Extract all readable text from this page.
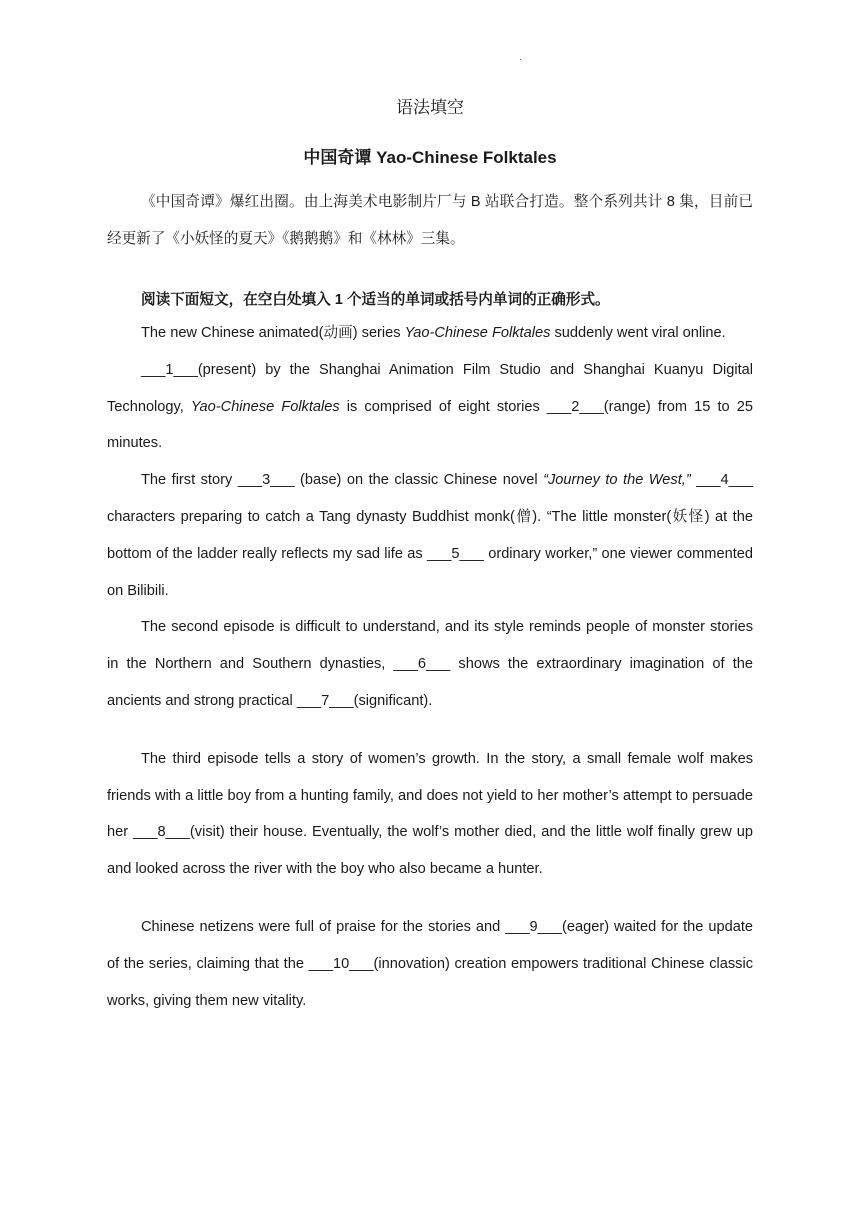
.
语法填空
中国奇谭 Yao-Chinese Folktales

《中国奇谭》爆红出圈。由上海美术电影制片厂与 B 站联合打造。整个系列共计 8 集，目前已经更新了《小妖怪的夏天》《鹅鹅鹅》和《林林》三集。

阅读下面短文，在空白处填入 1 个适当的单词或括号内单词的正确形式。

The new Chinese animated(动画) series Yao-Chinese Folktales suddenly went viral online.

___1___(present) by the Shanghai Animation Film Studio and Shanghai Kuanyu Digital Technology, Yao-Chinese Folktales is comprised of eight stories ___2___(range) from 15 to 25 minutes.

The first story ___3___ (base) on the classic Chinese novel “Journey to the West,” ___4___ characters preparing to catch a Tang dynasty Buddhist monk(僧). “The little monster(妖怪) at the bottom of the ladder really reflects my sad life as ___5___ ordinary worker,” one viewer commented on Bilibili.

The second episode is difficult to understand, and its style reminds people of monster stories in the Northern and Southern dynasties, ___6___ shows the extraordinary imagination of the ancients and strong practical ___7___(significant).

The third episode tells a story of women’s growth. In the story, a small female wolf makes friends with a little boy from a hunting family, and does not yield to her mother’s attempt to persuade her ___8___(visit) their house. Eventually, the wolf’s mother died, and the little wolf finally grew up and looked across the river with the boy who also became a hunter.

Chinese netizens were full of praise for the stories and ___9___(eager) waited for the update of the series, claiming that the ___10___(innovation) creation empowers traditional Chinese classic works, giving them new vitality.
